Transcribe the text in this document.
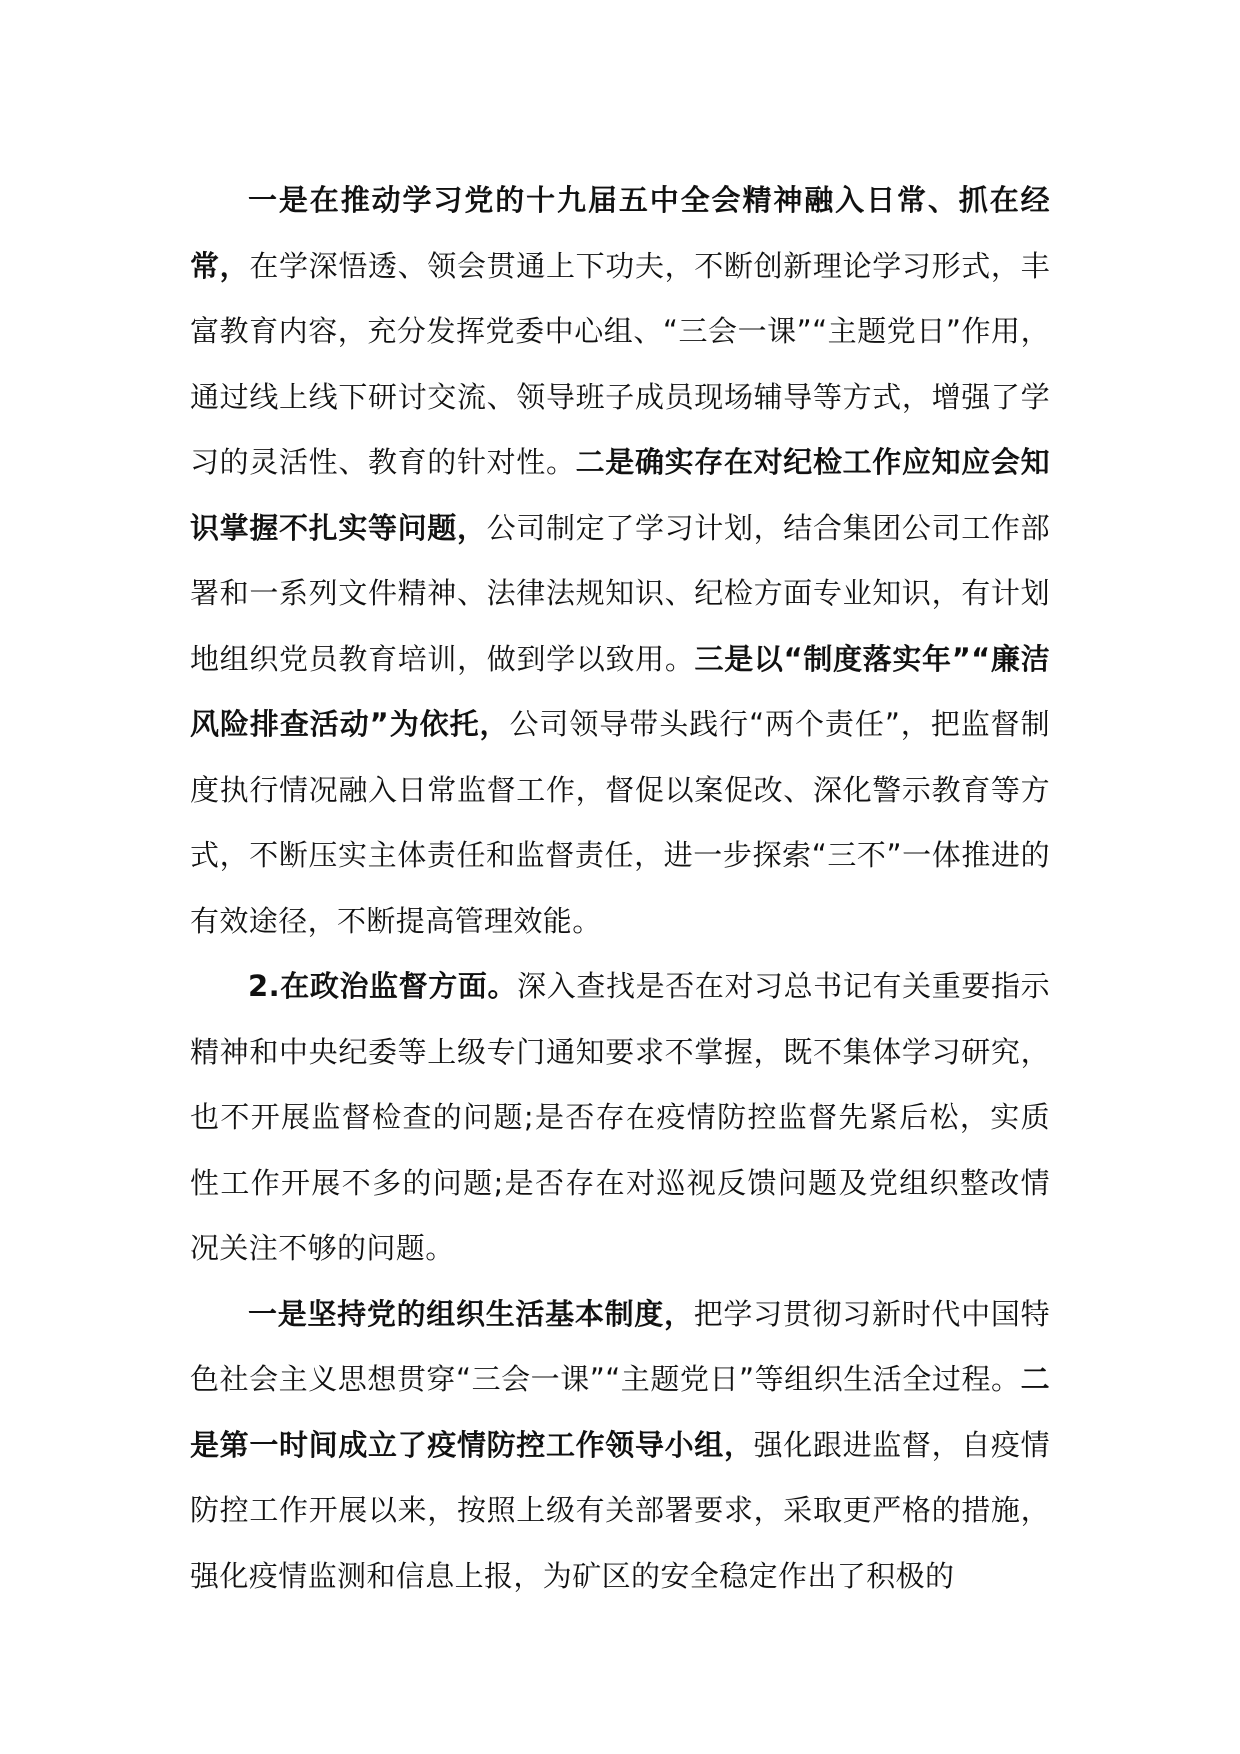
一是在推动学习党的十九届五中全会精神融入日常、抓在经常，在学深悟透、领会贯通上下功夫，不断创新理论学习形式，丰富教育内容，充分发挥党委中心组、“三会一课”“主题党日”作用，通过线上线下研讨交流、领导班子成员现场辅导等方式，增强了学习的灵活性、教育的针对性。二是确实存在对纪检工作应知应会知识掌握不扎实等问题，公司制定了学习计划，结合集团公司工作部署和一系列文件精神、法律法规知识、纪检方面专业知识，有计划地组织党员教育培训，做到学以致用。三是以“制度落实年”“廉洁风险排查活动”为依托，公司领导带头践行“两个责任”，把监督制度执行情况融入日常监督工作，督促以案促改、深化警示教育等方式，不断压实主体责任和监督责任，进一步探索“三不”一体推进的有效途径，不断提高管理效能。

2.在政治监督方面。深入查找是否在对习总书记有关重要指示精神和中央纪委等上级专门通知要求不掌握，既不集体学习研究，也不开展监督检查的问题;是否存在疫情防控监督先紧后松，实质性工作开展不多的问题;是否存在对巡视反馈问题及党组织整改情况关注不够的问题。

一是坚持党的组织生活基本制度，把学习贯彻习新时代中国特色社会主义思想贯穿“三会一课”“主题党日”等组织生活全过程。二是第一时间成立了疫情防控工作领导小组，强化跟进监督，自疫情防控工作开展以来，按照上级有关部署要求，采取更严格的措施，强化疫情监测和信息上报，为矿区的安全稳定作出了积极的
